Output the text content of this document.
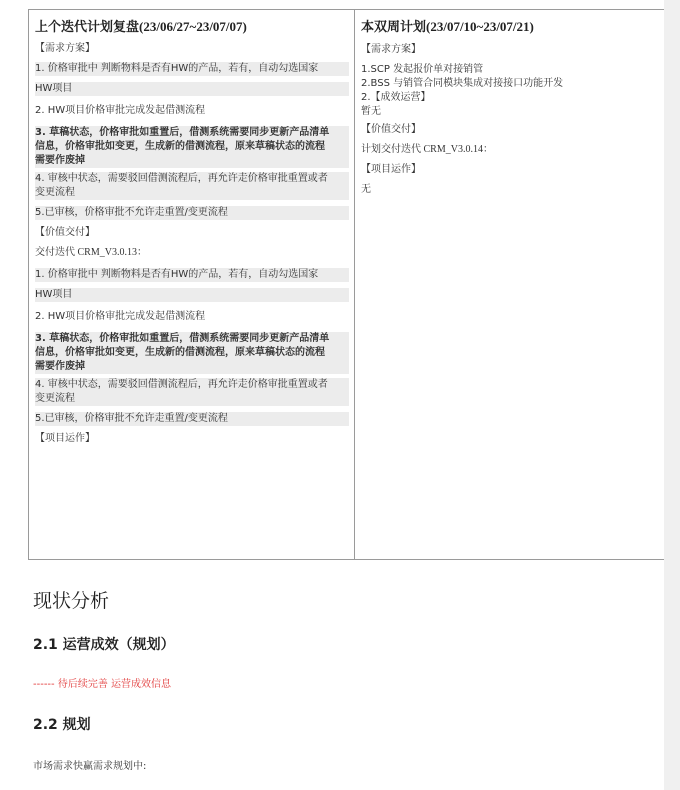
上个迭代计划复盘(23/06/27~23/07/07)

【需求方案】

1. 价格审批中 判断物料是否有HW的产品，若有，自动勾选国家

HW项目

2. HW项目价格审批完成发起借测流程

3. 草稿状态，价格审批如重置后，借测系统需要同步更新产品清单

信息，价格审批如变更，生成新的借测流程，原来草稿状态的流程

需要作废掉

4. 审核中状态，需要驳回借测流程后，再允许走价格审批重置或者

变更流程

5.已审核，价格审批不允许走重置/变更流程

【价值交付】

交付迭代 CRM_V3.0.13：

1. 价格审批中 判断物料是否有HW的产品，若有，自动勾选国家

HW项目

2. HW项目价格审批完成发起借测流程

3. 草稿状态，价格审批如重置后，借测系统需要同步更新产品清单

信息，价格审批如变更，生成新的借测流程，原来草稿状态的流程

需要作废掉

4. 审核中状态，需要驳回借测流程后，再允许走价格审批重置或者

变更流程

5.已审核，价格审批不允许走重置/变更流程

【项目运作】

本双周计划(23/07/10~23/07/21)

【需求方案】

1.SCP 发起报价单对接销管

2.BSS 与销管合同模块集成对接接口功能开发

2.【成效运营】

暂无

【价值交付】

计划交付迭代 CRM_V3.0.14：

【项目运作】

无

现状分析
2.1 运营成效（规划）
------ 待后续完善 运营成效信息
2.2 规划
市场需求快赢需求规划中:
